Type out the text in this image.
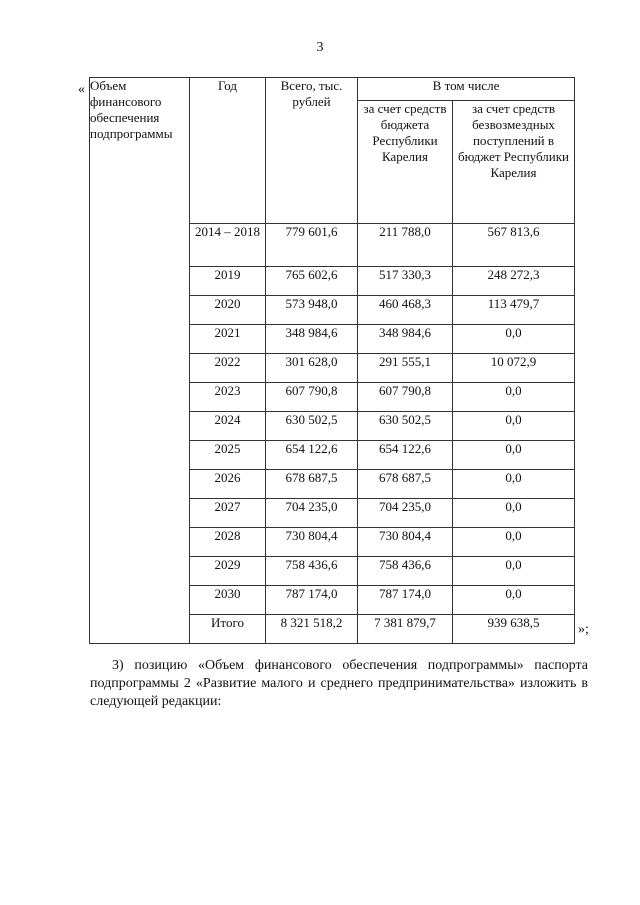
3
« Объем финансового обеспечения подпрограммы	Год	Всего, тыс. рублей	В том числе	
			за счет средств бюджета Республики Карелия	за счет средств безвозмездных поступлений в бюджет Республики Карелия
	2014 – 2018	779 601,6	211 788,0	567 813,6
	2019	765 602,6	517 330,3	248 272,3
	2020	573 948,0	460 468,3	113 479,7
	2021	348 984,6	348 984,6	0,0
	2022	301 628,0	291 555,1	10 072,9
	2023	607 790,8	607 790,8	0,0
	2024	630 502,5	630 502,5	0,0
	2025	654 122,6	654 122,6	0,0
	2026	678 687,5	678 687,5	0,0
	2027	704 235,0	704 235,0	0,0
	2028	730 804,4	730 804,4	0,0
	2029	758 436,6	758 436,6	0,0
	2030	787 174,0	787 174,0	0,0
	Итого	8 321 518,2	7 381 879,7	939 638,5	»;
3) позицию «Объем финансового обеспечения подпрограммы» паспорта подпрограммы 2 «Развитие малого и среднего предпринимательства» изложить в следующей редакции:
